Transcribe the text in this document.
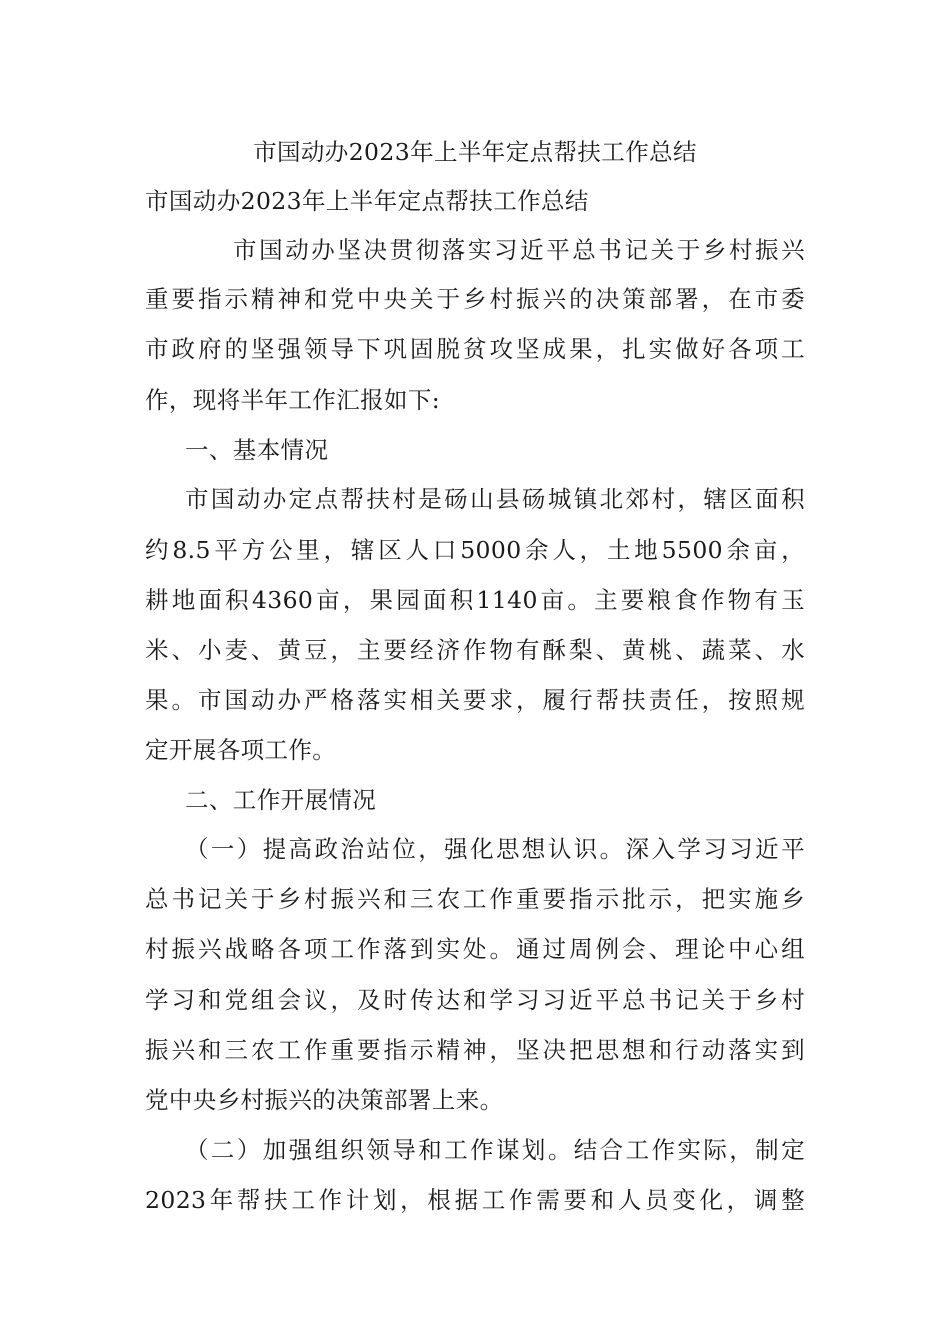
市国动办2023年上半年定点帮扶工作总结
市国动办2023年上半年定点帮扶工作总结
市国动办坚决贯彻落实习近平总书记关于乡村振兴
重要指示精神和党中央关于乡村振兴的决策部署，在市委
市政府的坚强领导下巩固脱贫攻坚成果，扎实做好各项工
作，现将半年工作汇报如下:
一、基本情况
市国动办定点帮扶村是砀山县砀城镇北郊村，辖区面积
约8.5平方公里，辖区人口5000余人，土地5500余亩，
耕地面积4360亩，果园面积1140亩。主要粮食作物有玉
米、小麦、黄豆，主要经济作物有酥梨、黄桃、蔬菜、水
果。市国动办严格落实相关要求，履行帮扶责任，按照规
定开展各项工作。
二、工作开展情况
（一）提高政治站位，强化思想认识。深入学习习近平
总书记关于乡村振兴和三农工作重要指示批示，把实施乡
村振兴战略各项工作落到实处。通过周例会、理论中心组
学习和党组会议，及时传达和学习习近平总书记关于乡村
振兴和三农工作重要指示精神，坚决把思想和行动落实到
党中央乡村振兴的决策部署上来。
（二）加强组织领导和工作谋划。结合工作实际，制定
2023年帮扶工作计划，根据工作需要和人员变化，调整
